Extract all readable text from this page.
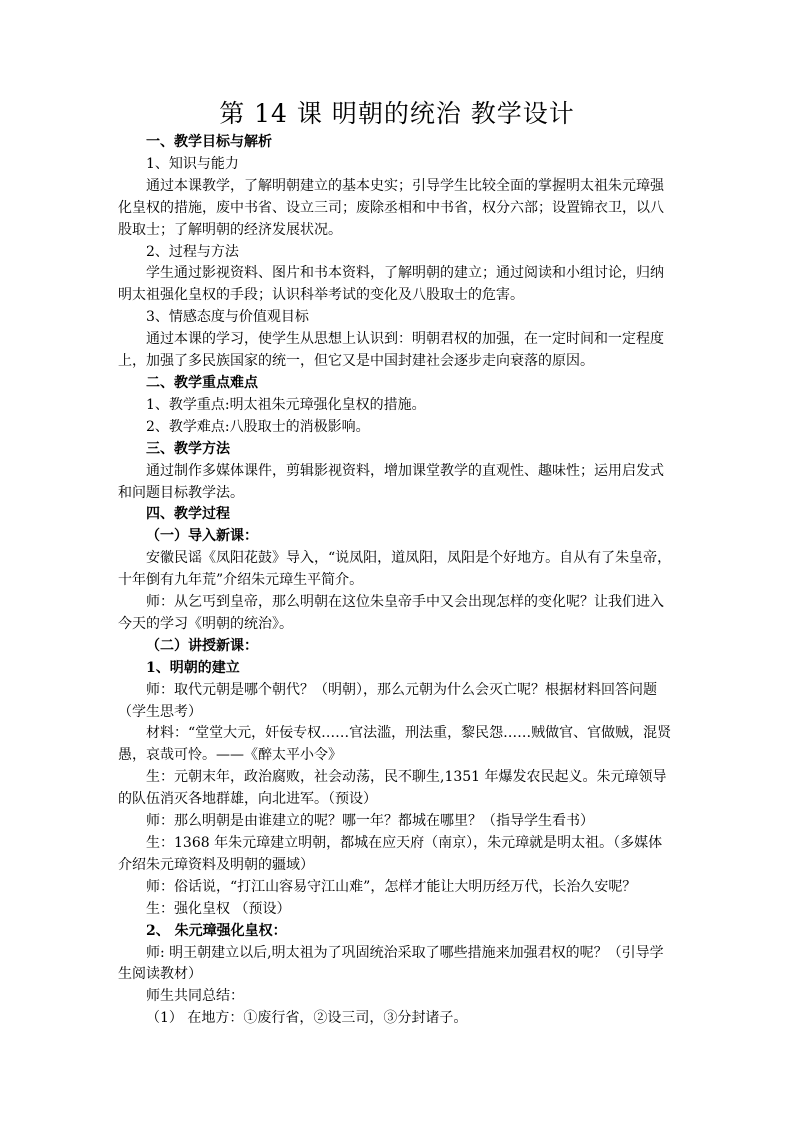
第 14 课 明朝的统治 教学设计

一、教学目标与解析

1、知识与能力

通过本课教学，了解明朝建立的基本史实；引导学生比较全面的掌握明太祖朱元璋强化皇权的措施，废中书省、设立三司；废除丞相和中书省，权分六部；设置锦衣卫，以八股取士；了解明朝的经济发展状况。

2、过程与方法

学生通过影视资料、图片和书本资料，了解明朝的建立；通过阅读和小组讨论，归纳明太祖强化皇权的手段；认识科举考试的变化及八股取士的危害。

3、情感态度与价值观目标

通过本课的学习，使学生从思想上认识到：明朝君权的加强，在一定时间和一定程度上，加强了多民族国家的统一，但它又是中国封建社会逐步走向衰落的原因。

二、教学重点难点

1、教学重点:明太祖朱元璋强化皇权的措施。

2、教学难点:八股取士的消极影响。

三、教学方法

通过制作多媒体课件，剪辑影视资料，增加课堂教学的直观性、趣味性；运用启发式和问题目标教学法。

四、教学过程

（一）导入新课：

安徽民谣《凤阳花鼓》导入，“说凤阳，道凤阳，凤阳是个好地方。自从有了朱皇帝，十年倒有九年荒”介绍朱元璋生平简介。

师：从乞丐到皇帝，那么明朝在这位朱皇帝手中又会出现怎样的变化呢？让我们进入今天的学习《明朝的统治》。

（二）讲授新课：

1、明朝的建立

师：取代元朝是哪个朝代？（明朝），那么元朝为什么会灭亡呢？根据材料回答问题（学生思考）

材料：“堂堂大元，奸佞专权……官法滥，刑法重，黎民怨……贼做官、官做贼，混贤愚，哀哉可怜。——《醉太平小令》

生：元朝末年，政治腐败，社会动荡，民不聊生,1351 年爆发农民起义。朱元璋领导的队伍消灭各地群雄，向北进军。（预设）

师：那么明朝是由谁建立的呢？哪一年？都城在哪里？（指导学生看书）

生：1368 年朱元璋建立明朝，都城在应天府（南京），朱元璋就是明太祖。（多媒体介绍朱元璋资料及明朝的疆域）

师：俗话说，“打江山容易守江山难”，怎样才能让大明历经万代，长治久安呢？

生：强化皇权 （预设）

2、 朱元璋强化皇权：

师: 明王朝建立以后,明太祖为了巩固统治采取了哪些措施来加强君权的呢？（引导学生阅读教材）

师生共同总结：

（1） 在地方：①废行省，②设三司，③分封诸子。
